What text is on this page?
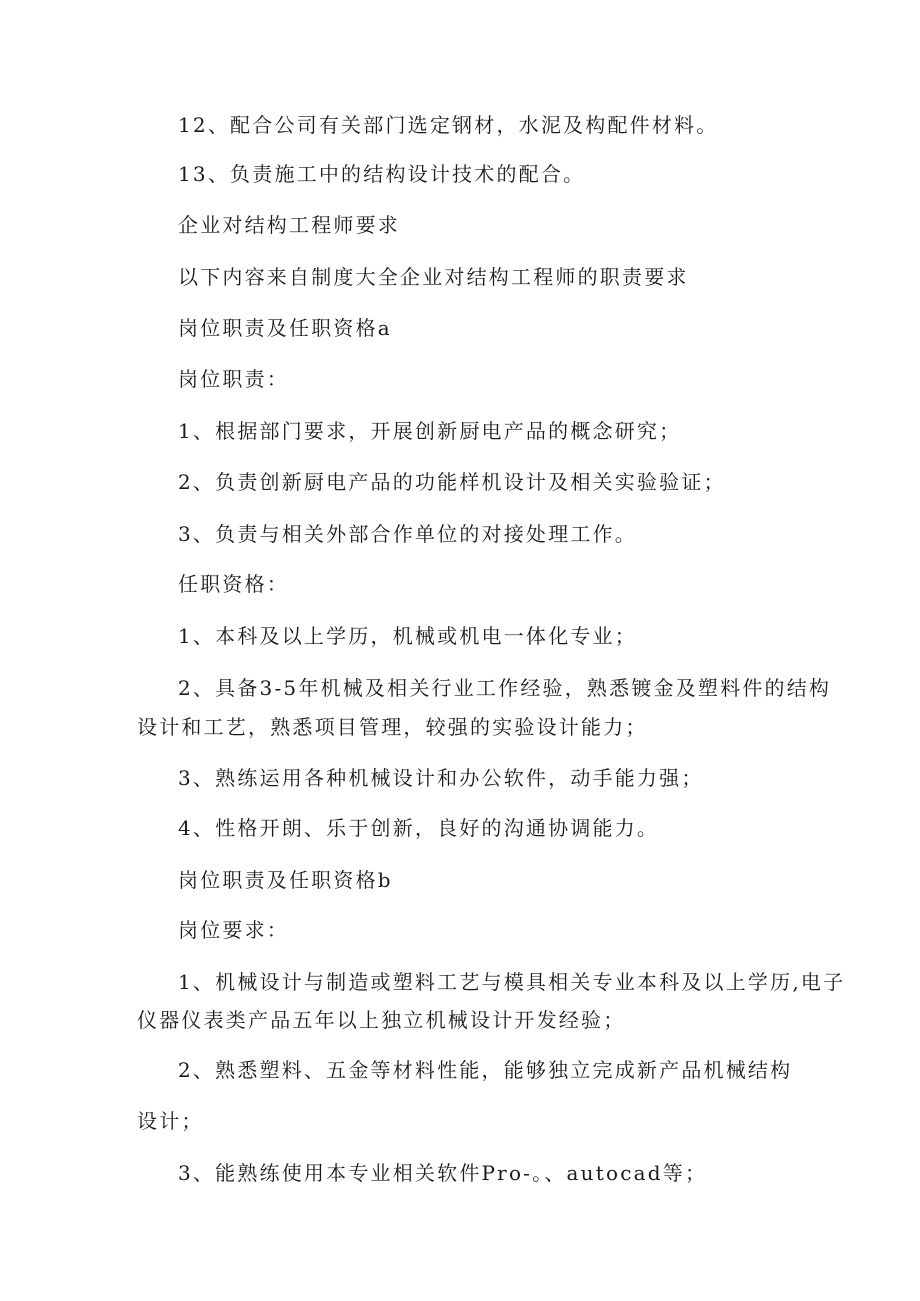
12、配合公司有关部门选定钢材，水泥及构配件材料。
13、负责施工中的结构设计技术的配合。
企业对结构工程师要求
以下内容来自制度大全企业对结构工程师的职责要求
岗位职责及任职资格a
岗位职责：
1、根据部门要求，开展创新厨电产品的概念研究；
2、负责创新厨电产品的功能样机设计及相关实验验证；
3、负责与相关外部合作单位的对接处理工作。
任职资格：
1、本科及以上学历，机械或机电一体化专业；
2、具备3-5年机械及相关行业工作经验，熟悉镀金及塑料件的结构
设计和工艺，熟悉项目管理，较强的实验设计能力；
3、熟练运用各种机械设计和办公软件，动手能力强；
4、性格开朗、乐于创新，良好的沟通协调能力。
岗位职责及任职资格b
岗位要求：
1、机械设计与制造或塑料工艺与模具相关专业本科及以上学历,电子
仪器仪表类产品五年以上独立机械设计开发经验；
2、熟悉塑料、五金等材料性能，能够独立完成新产品机械结构
设计；
3、能熟练使用本专业相关软件Pro-。、autocad等；
